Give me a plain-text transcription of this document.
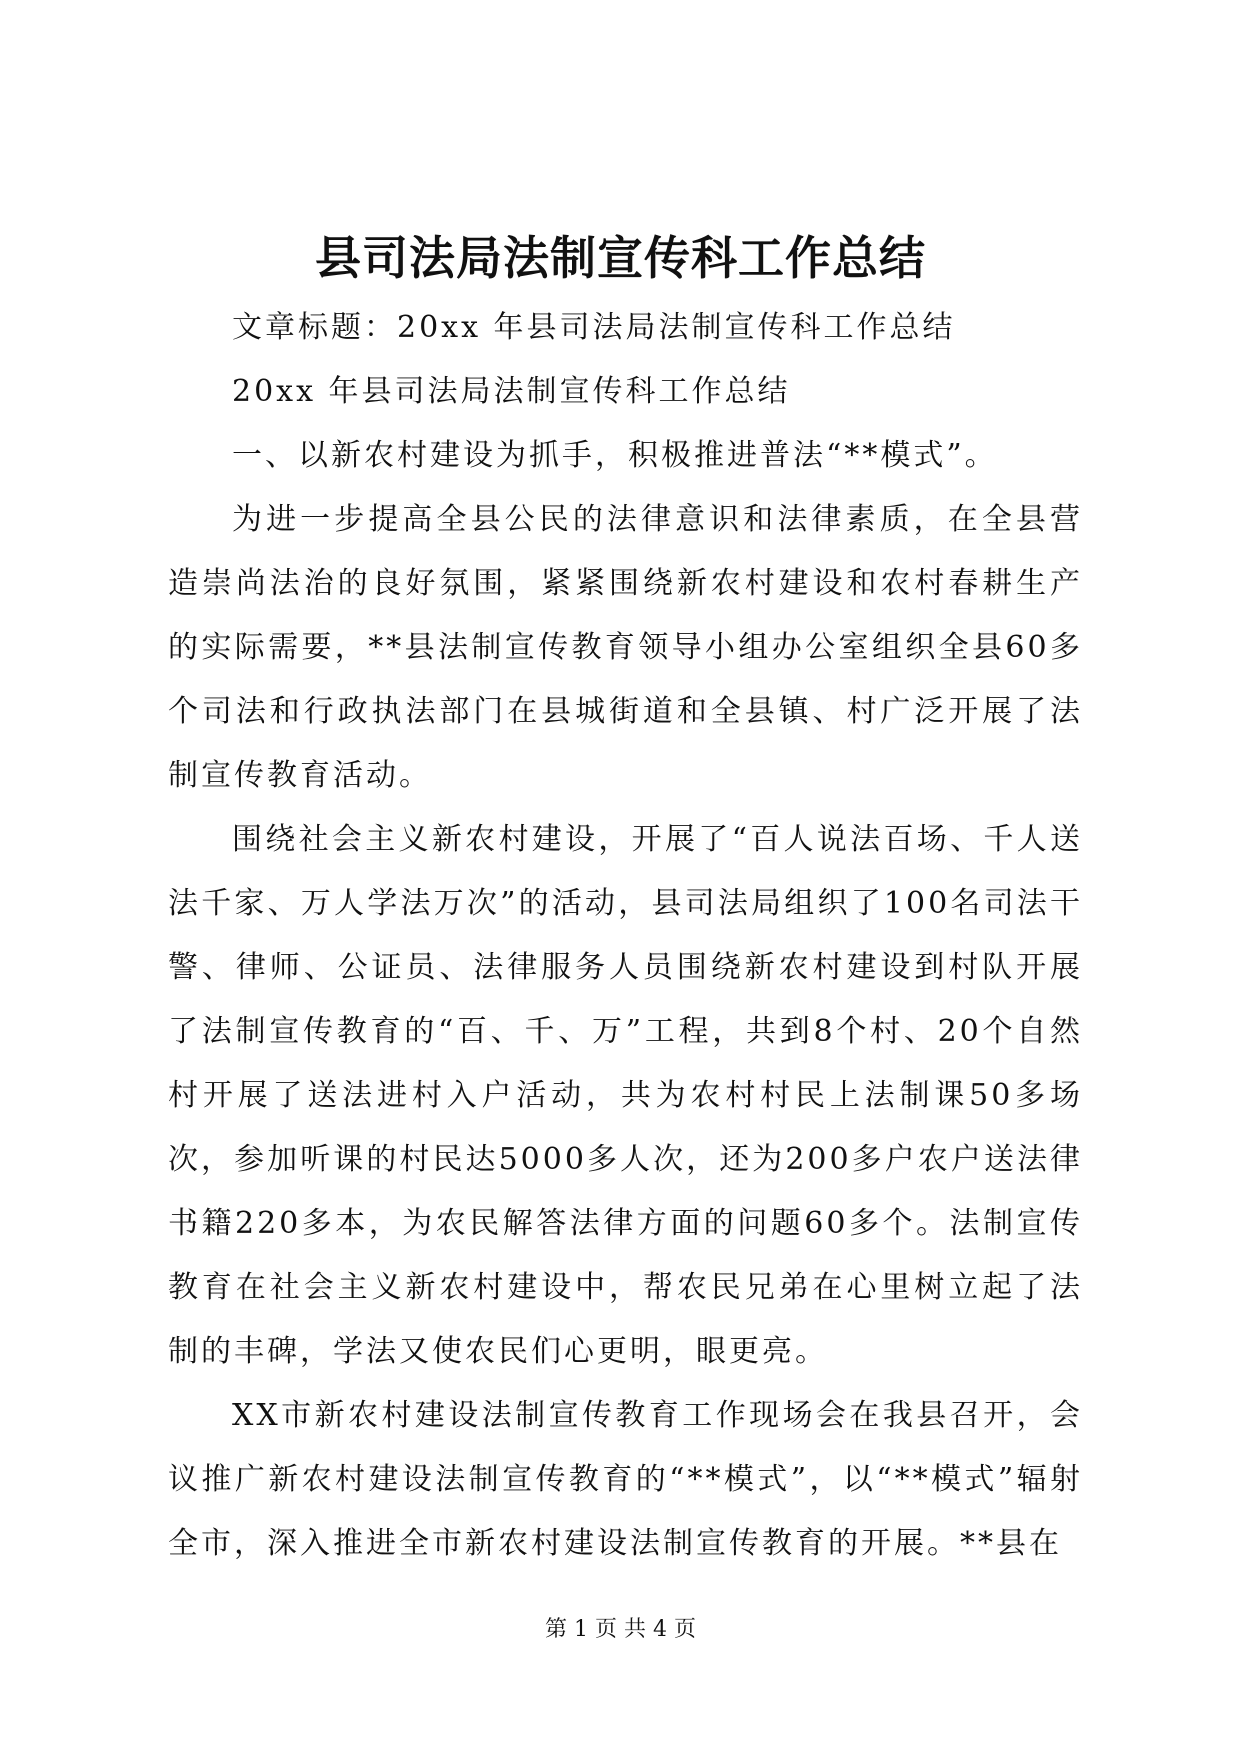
县司法局法制宣传科工作总结

文章标题：20xx 年县司法局法制宣传科工作总结

20xx 年县司法局法制宣传科工作总结

一、以新农村建设为抓手，积极推进普法“**模式”。

为进一步提高全县公民的法律意识和法律素质，在全县营造崇尚法治的良好氛围，紧紧围绕新农村建设和农村春耕生产的实际需要，**县法制宣传教育领导小组办公室组织全县60多个司法和行政执法部门在县城街道和全县镇、村广泛开展了法制宣传教育活动。

围绕社会主义新农村建设，开展了“百人说法百场、千人送法千家、万人学法万次”的活动，县司法局组织了100名司法干警、律师、公证员、法律服务人员围绕新农村建设到村队开展了法制宣传教育的“百、千、万”工程，共到8个村、20个自然村开展了送法进村入户活动，共为农村村民上法制课50多场次，参加听课的村民达5000多人次，还为200多户农户送法律书籍220多本，为农民解答法律方面的问题60多个。法制宣传教育在社会主义新农村建设中，帮农民兄弟在心里树立起了法制的丰碑，学法又使农民们心更明，眼更亮。

XX市新农村建设法制宣传教育工作现场会在我县召开，会议推广新农村建设法制宣传教育的“**模式”，以“**模式”辐射全市，深入推进全市新农村建设法制宣传教育的开展。**县在

第 1 页 共 4 页
